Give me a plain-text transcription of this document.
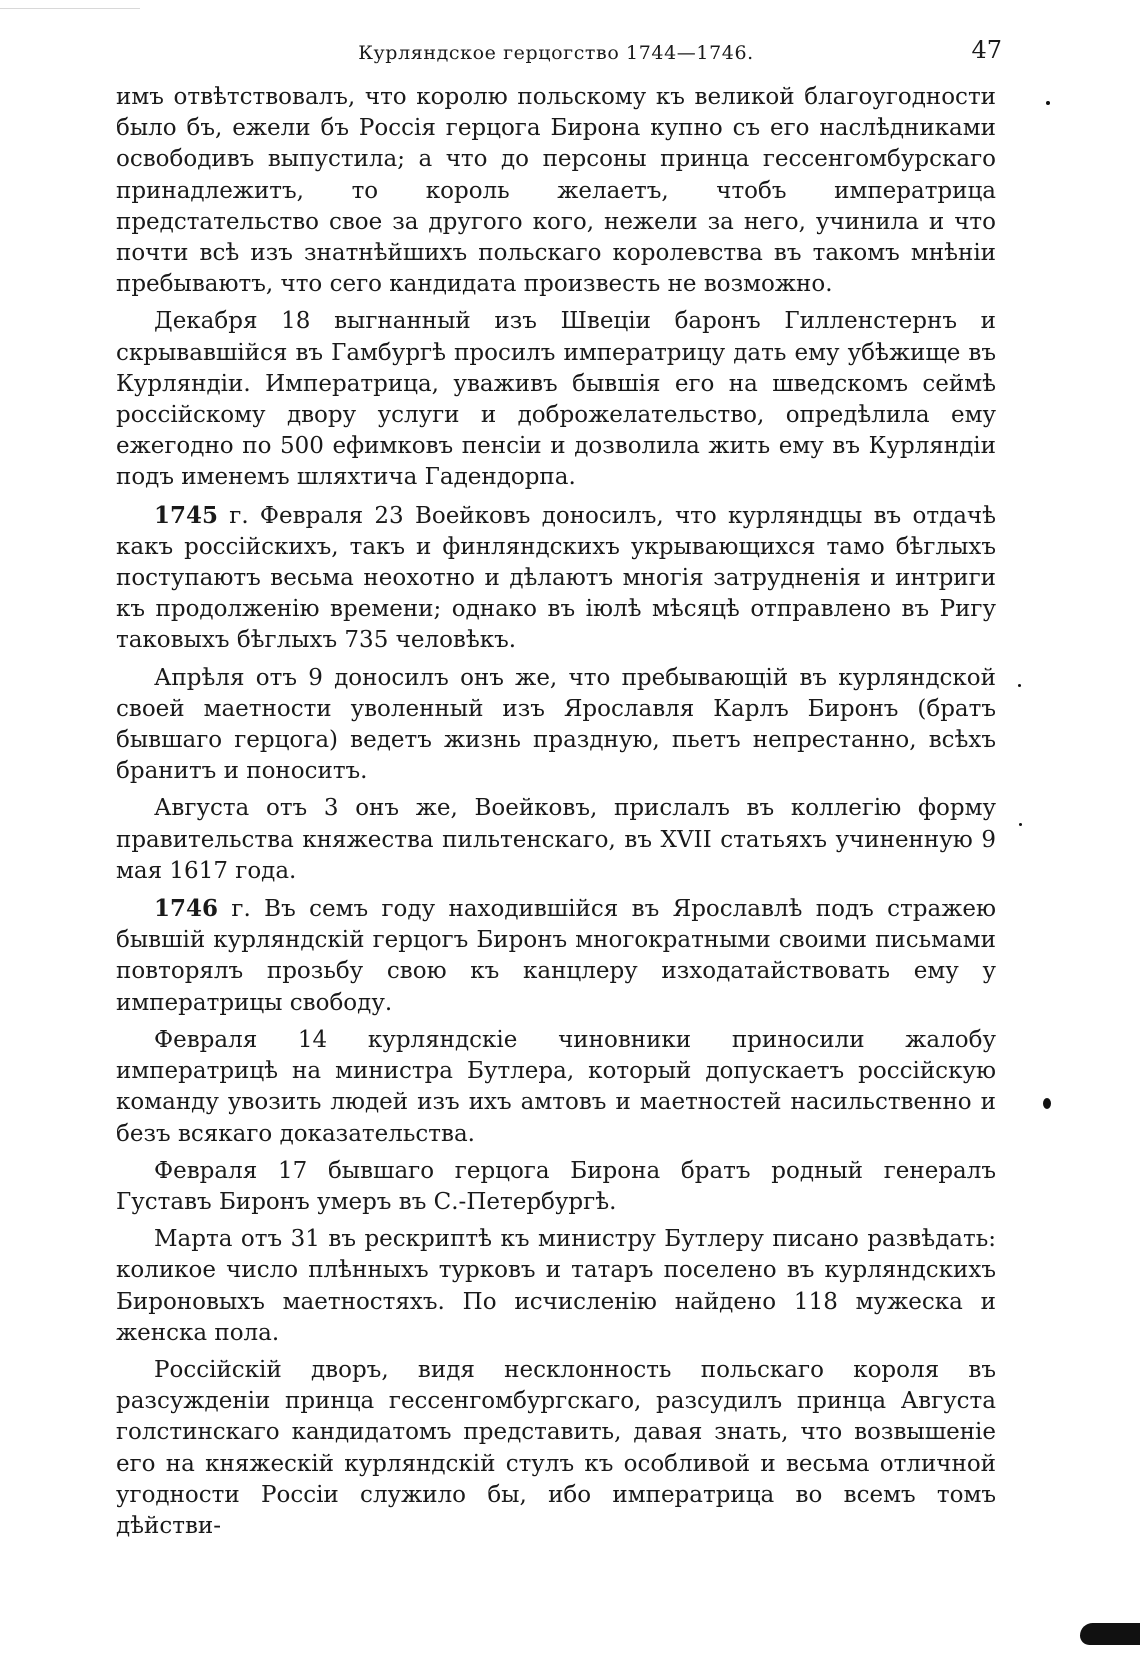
Курляндское герцогство 1744—1746.	47

имъ отвѣтствовалъ, что королю польскому къ великой благоугодности было бъ, ежели бъ Россія герцога Бирона купно съ его наслѣдниками освободивъ выпустила; а что до персоны принца гессенгомбурскаго принадлежитъ, то король желаетъ, чтобъ императрица предстательство свое за другого кого, нежели за него, учинила и что почти всѣ изъ знатнѣйшихъ польскаго королевства въ такомъ мнѣніи пребываютъ, что сего кандидата произвесть не возможно.

Декабря 18 выгнанный изъ Швеціи баронъ Гилленстернъ и скрывавшійся въ Гамбургѣ просилъ императрицу дать ему убѣжище въ Курляндіи. Императрица, уваживъ бывшія его на шведскомъ сеймѣ россійскому двору услуги и доброжелательство, опредѣлила ему ежегодно по 500 ефимковъ пенсіи и дозволила жить ему въ Курляндіи подъ именемъ шляхтича Гадендорпа.

1745 г. Февраля 23 Воейковъ доносилъ, что курляндцы въ отдачѣ какъ россійскихъ, такъ и финляндскихъ укрывающихся тамо бѣглыхъ поступаютъ весьма неохотно и дѣлаютъ многія затрудненія и интриги къ продолженію времени; однако въ іюлѣ мѣсяцѣ отправлено въ Ригу таковыхъ бѣглыхъ 735 человѣкъ.

Апрѣля отъ 9 доносилъ онъ же, что пребывающій въ курляндской своей маетности уволенный изъ Ярославля Карлъ Биронъ (братъ бывшаго герцога) ведетъ жизнь праздную, пьетъ непрестанно, всѣхъ бранитъ и поноситъ.

Августа отъ 3 онъ же, Воейковъ, прислалъ въ коллегію форму правительства княжества пильтенскаго, въ XVII статьяхъ учиненную 9 мая 1617 года.

1746 г. Въ семъ году находившійся въ Ярославлѣ подъ стражею бывшій курляндскій герцогъ Биронъ многократными своими письмами повторялъ прозьбу свою къ канцлеру изходатайствовать ему у императрицы свободу.

Февраля 14 курляндскіе чиновники приносили жалобу императрицѣ на министра Бутлера, который допускаетъ россійскую команду увозить людей изъ ихъ амтовъ и маетностей насильственно и безъ всякаго доказательства.

Февраля 17 бывшаго герцога Бирона братъ родный генералъ Густавъ Биронъ умеръ въ С.-Петербургѣ.

Марта отъ 31 въ рескриптѣ къ министру Бутлеру писано развѣдать: коликое число плѣнныхъ турковъ и татаръ поселено въ курляндскихъ Бироновыхъ маетностяхъ. По исчисленію найдено 118 мужеска и женска пола.

Россійскій дворъ, видя несклонность польскаго короля въ разсужденіи принца гессенгомбургскаго, разсудилъ принца Августа голстинскаго кандидатомъ представить, давая знать, что возвышеніе его на княжескій курляндскій стулъ къ особливой и весьма отличной угодности Россіи служило бы, ибо императрица во всемъ томъ дѣйстви-
